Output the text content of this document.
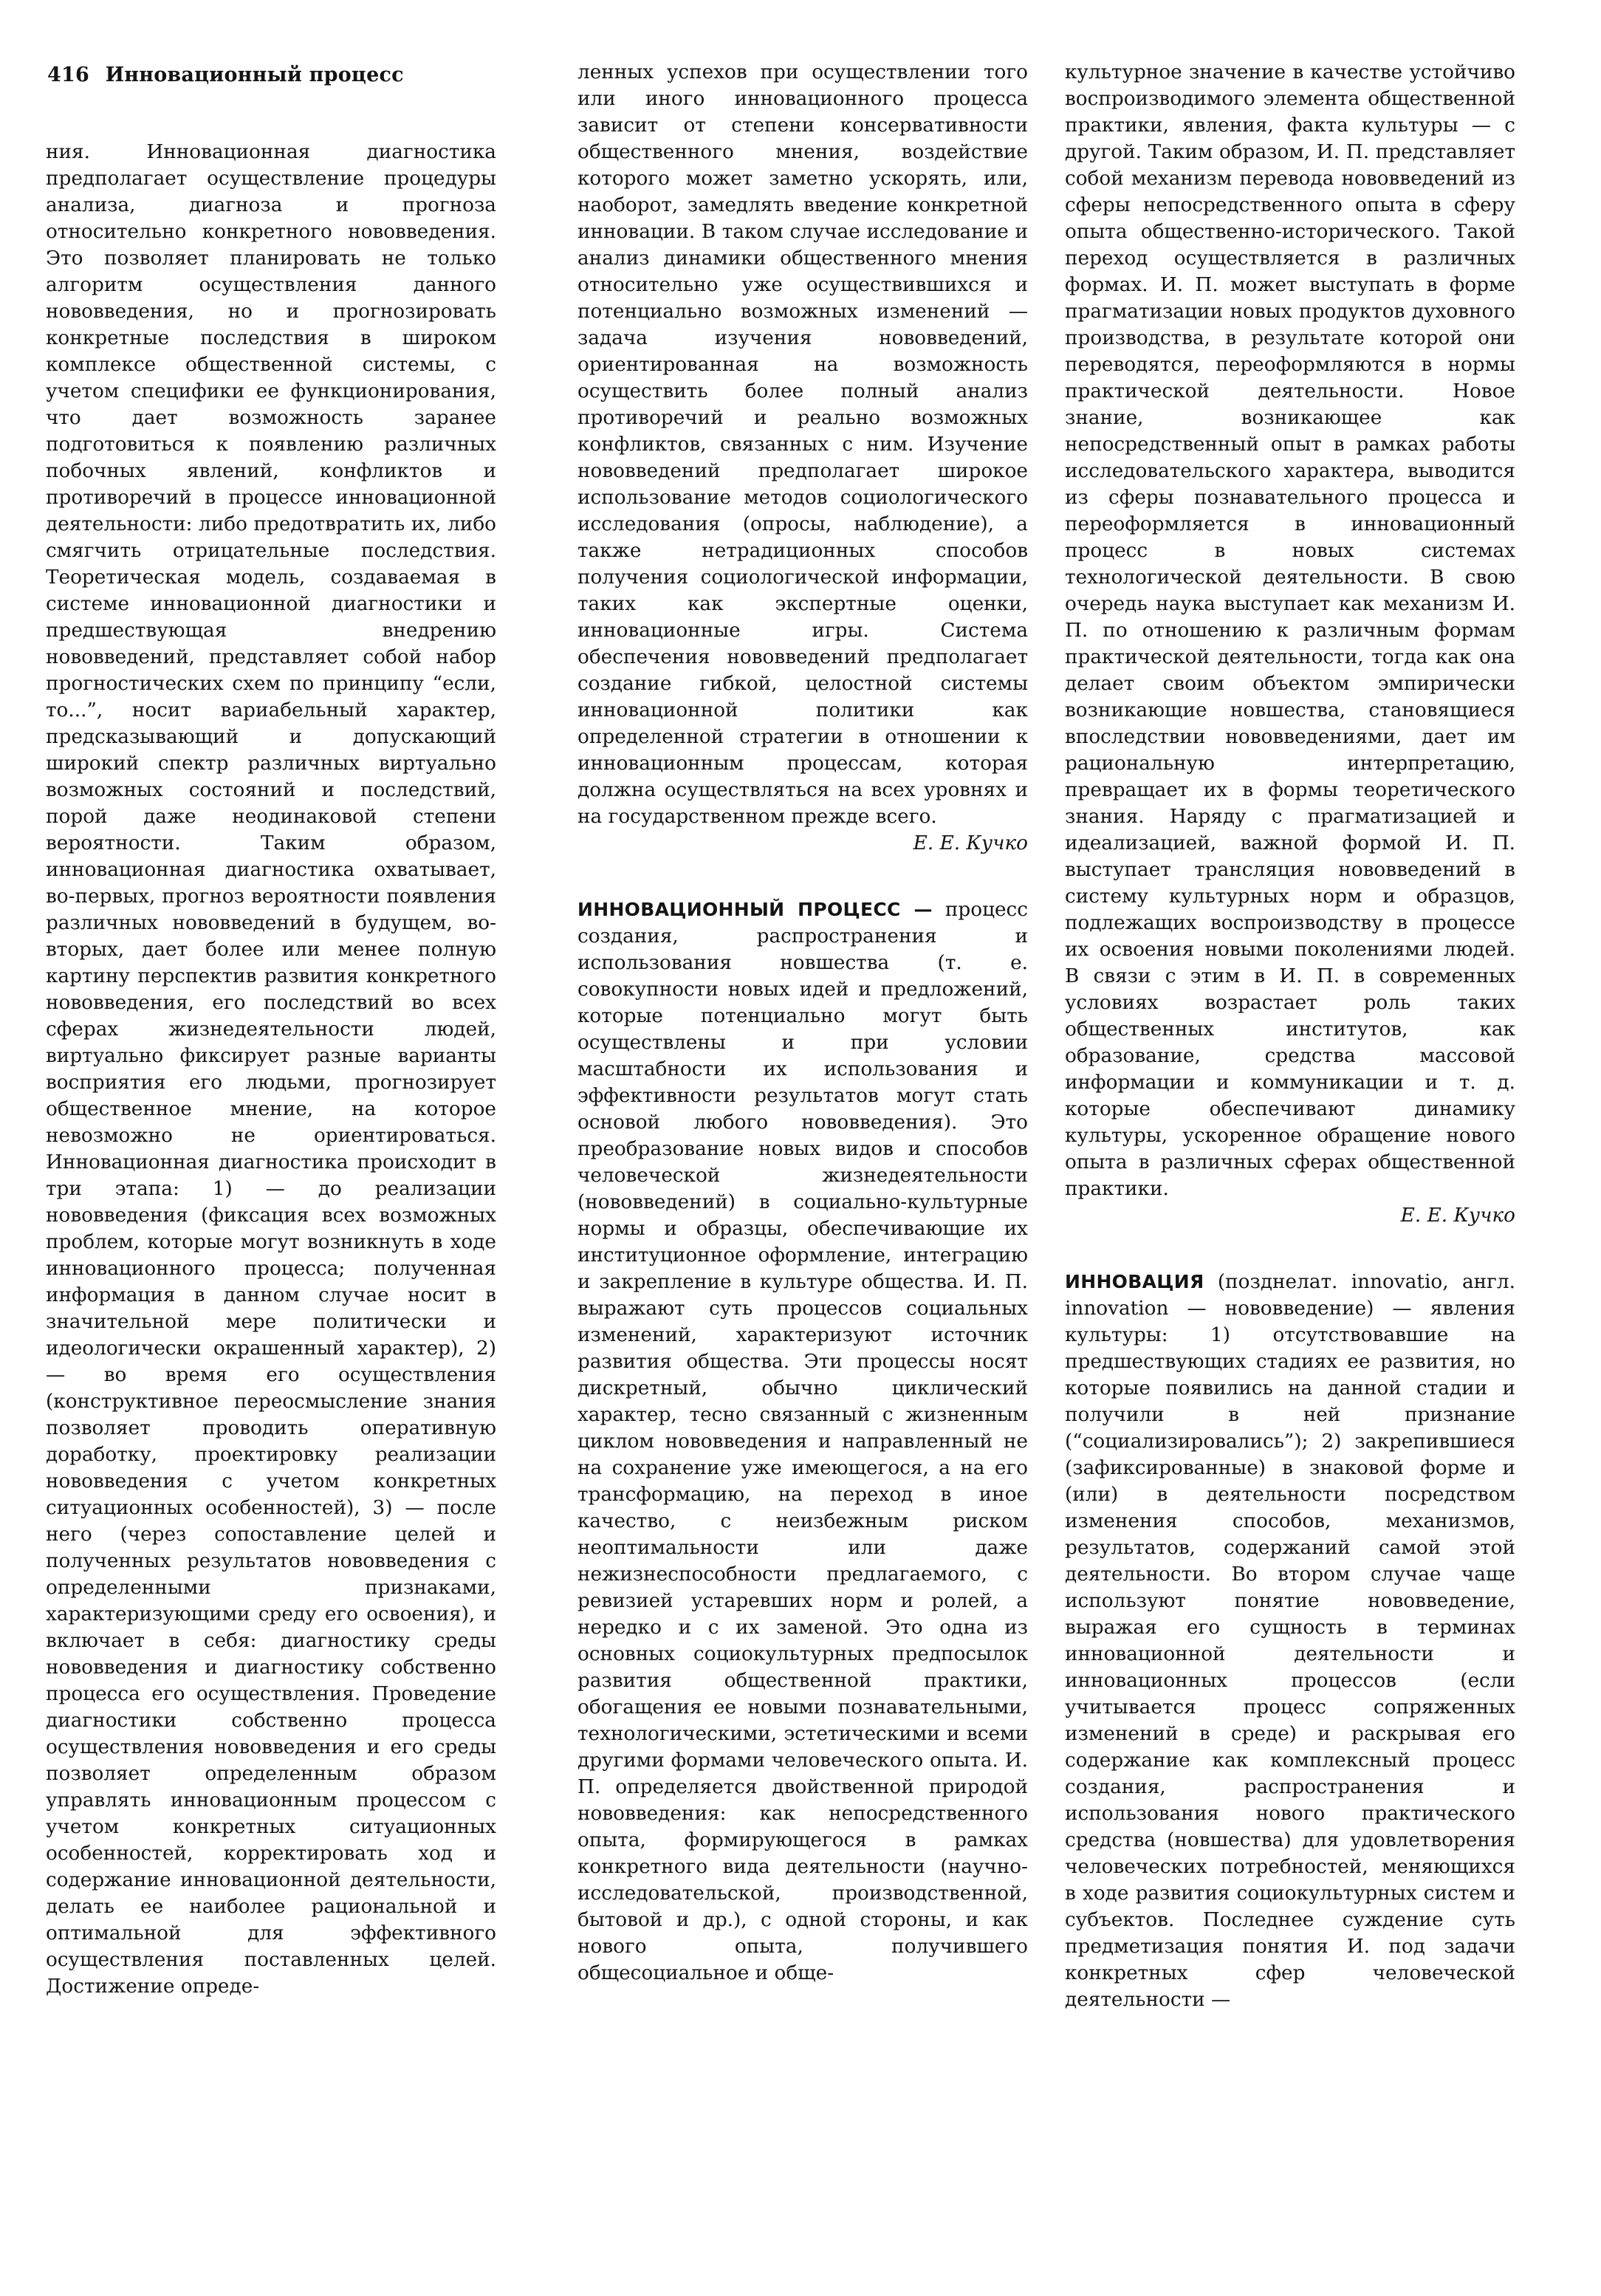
416 Инновационный процесс

ния. Инновационная диагностика предполагает осуществление процедуры анализа, диагноза и прогноза относительно конкретного нововведения. Это позволяет планировать не только алгоритм осуществления данного нововведения, но и прогнозировать конкретные последствия в широком комплексе общественной системы, с учетом специфики ее функционирования, что дает возможность заранее подготовиться к появлению различных побочных явлений, конфликтов и противоречий в процессе инновационной деятельности: либо предотвратить их, либо смягчить отрицательные последствия. Теоретическая модель, создаваемая в системе инновационной диагностики и предшествующая внедрению нововведений, представляет собой набор прогностических схем по принципу “если, то...”, носит вариабельный характер, предсказывающий и допускающий широкий спектр различных виртуально возможных состояний и последствий, порой даже неодинаковой степени вероятности. Таким образом, инновационная диагностика охватывает, во-первых, прогноз вероятности появления различных нововведений в будущем, во-вторых, дает более или менее полную картину перспектив развития конкретного нововведения, его последствий во всех сферах жизнедеятельности людей, виртуально фиксирует разные варианты восприятия его людьми, прогнозирует общественное мнение, на которое невозможно не ориентироваться. Инновационная диагностика происходит в три этапа: 1) — до реализации нововведения (фиксация всех возможных проблем, которые могут возникнуть в ходе инновационного процесса; полученная информация в данном случае носит в значительной мере политически и идеологически окрашенный характер), 2) — во время его осуществления (конструктивное переосмысление знания позволяет проводить оперативную доработку, проектировку реализации нововведения с учетом конкретных ситуационных особенностей), 3) — после него (через сопоставление целей и полученных результатов нововведения с определенными признаками, характеризующими среду его освоения), и включает в себя: диагностику среды нововведения и диагностику собственно процесса его осуществления. Проведение диагностики собственно процесса осуществления нововведения и его среды позволяет определенным образом управлять инновационным процессом с учетом конкретных ситуационных особенностей, корректировать ход и содержание инновационной деятельности, делать ее наиболее рациональной и оптимальной для эффективного осуществления поставленных целей. Достижение опреде-

ленных успехов при осуществлении того или иного инновационного процесса зависит от степени консервативности общественного мнения, воздействие которого может заметно ускорять, или, наоборот, замедлять введение конкретной инновации. В таком случае исследование и анализ динамики общественного мнения относительно уже осуществившихся и потенциально возможных изменений — задача изучения нововведений, ориентированная на возможность осуществить более полный анализ противоречий и реально возможных конфликтов, связанных с ним. Изучение нововведений предполагает широкое использование методов социологического исследования (опросы, наблюдение), а также нетрадиционных способов получения социологической информации, таких как экспертные оценки, инновационные игры. Система обеспечения нововведений предполагает создание гибкой, целостной системы инновационной политики как определенной стратегии в отношении к инновационным процессам, которая должна осуществляться на всех уровнях и на государственном прежде всего.

Е. Е. Кучко

ИННОВАЦИОННЫЙ ПРОЦЕСС — процесс создания, распространения и использования новшества (т. е. совокупности новых идей и предложений, которые потенциально могут быть осуществлены и при условии масштабности их использования и эффективности результатов могут стать основой любого нововведения). Это преобразование новых видов и способов человеческой жизнедеятельности (нововведений) в социально-культурные нормы и образцы, обеспечивающие их институционное оформление, интеграцию и закрепление в культуре общества. И. П. выражают суть процессов социальных изменений, характеризуют источник развития общества. Эти процессы носят дискретный, обычно циклический характер, тесно связанный с жизненным циклом нововведения и направленный не на сохранение уже имеющегося, а на его трансформацию, на переход в иное качество, с неизбежным риском неоптимальности или даже нежизнеспособности предлагаемого, с ревизией устаревших норм и ролей, а нередко и с их заменой. Это одна из основных социокультурных предпосылок развития общественной практики, обогащения ее новыми познавательными, технологическими, эстетическими и всеми другими формами человеческого опыта. И. П. определяется двойственной природой нововведения: как непосредственного опыта, формирующегося в рамках конкретного вида деятельности (научно-исследовательской, производственной, бытовой и др.), с одной стороны, и как нового опыта, получившего общесоциальное и обще-

культурное значение в качестве устойчиво воспроизводимого элемента общественной практики, явления, факта культуры — с другой. Таким образом, И. П. представляет собой механизм перевода нововведений из сферы непосредственного опыта в сферу опыта общественно-исторического. Такой переход осуществляется в различных формах. И. П. может выступать в форме прагматизации новых продуктов духовного производства, в результате которой они переводятся, переоформляются в нормы практической деятельности. Новое знание, возникающее как непосредственный опыт в рамках работы исследовательского характера, выводится из сферы познавательного процесса и переоформляется в инновационный процесс в новых системах технологической деятельности. В свою очередь наука выступает как механизм И. П. по отношению к различным формам практической деятельности, тогда как она делает своим объектом эмпирически возникающие новшества, становящиеся впоследствии нововведениями, дает им рациональную интерпретацию, превращает их в формы теоретического знания. Наряду с прагматизацией и идеализацией, важной формой И. П. выступает трансляция нововведений в систему культурных норм и образцов, подлежащих воспроизводству в процессе их освоения новыми поколениями людей. В связи с этим в И. П. в современных условиях возрастает роль таких общественных институтов, как образование, средства массовой информации и коммуникации и т. д. которые обеспечивают динамику культуры, ускоренное обращение нового опыта в различных сферах общественной практики.

Е. Е. Кучко

ИННОВАЦИЯ (позднелат. innovatio, англ. innovation — нововведение) — явления культуры: 1) отсутствовавшие на предшествующих стадиях ее развития, но которые появились на данной стадии и получили в ней признание (“социализировались”); 2) закрепившиеся (зафиксированные) в знаковой форме и (или) в деятельности посредством изменения способов, механизмов, результатов, содержаний самой этой деятельности. Во втором случае чаще используют понятие нововведение, выражая его сущность в терминах инновационной деятельности и инновационных процессов (если учитывается процесс сопряженных изменений в среде) и раскрывая его содержание как комплексный процесс создания, распространения и использования нового практического средства (новшества) для удовлетворения человеческих потребностей, меняющихся в ходе развития социокультурных систем и субъектов. Последнее суждение суть предметизация понятия И. под задачи конкретных сфер человеческой деятельности —
